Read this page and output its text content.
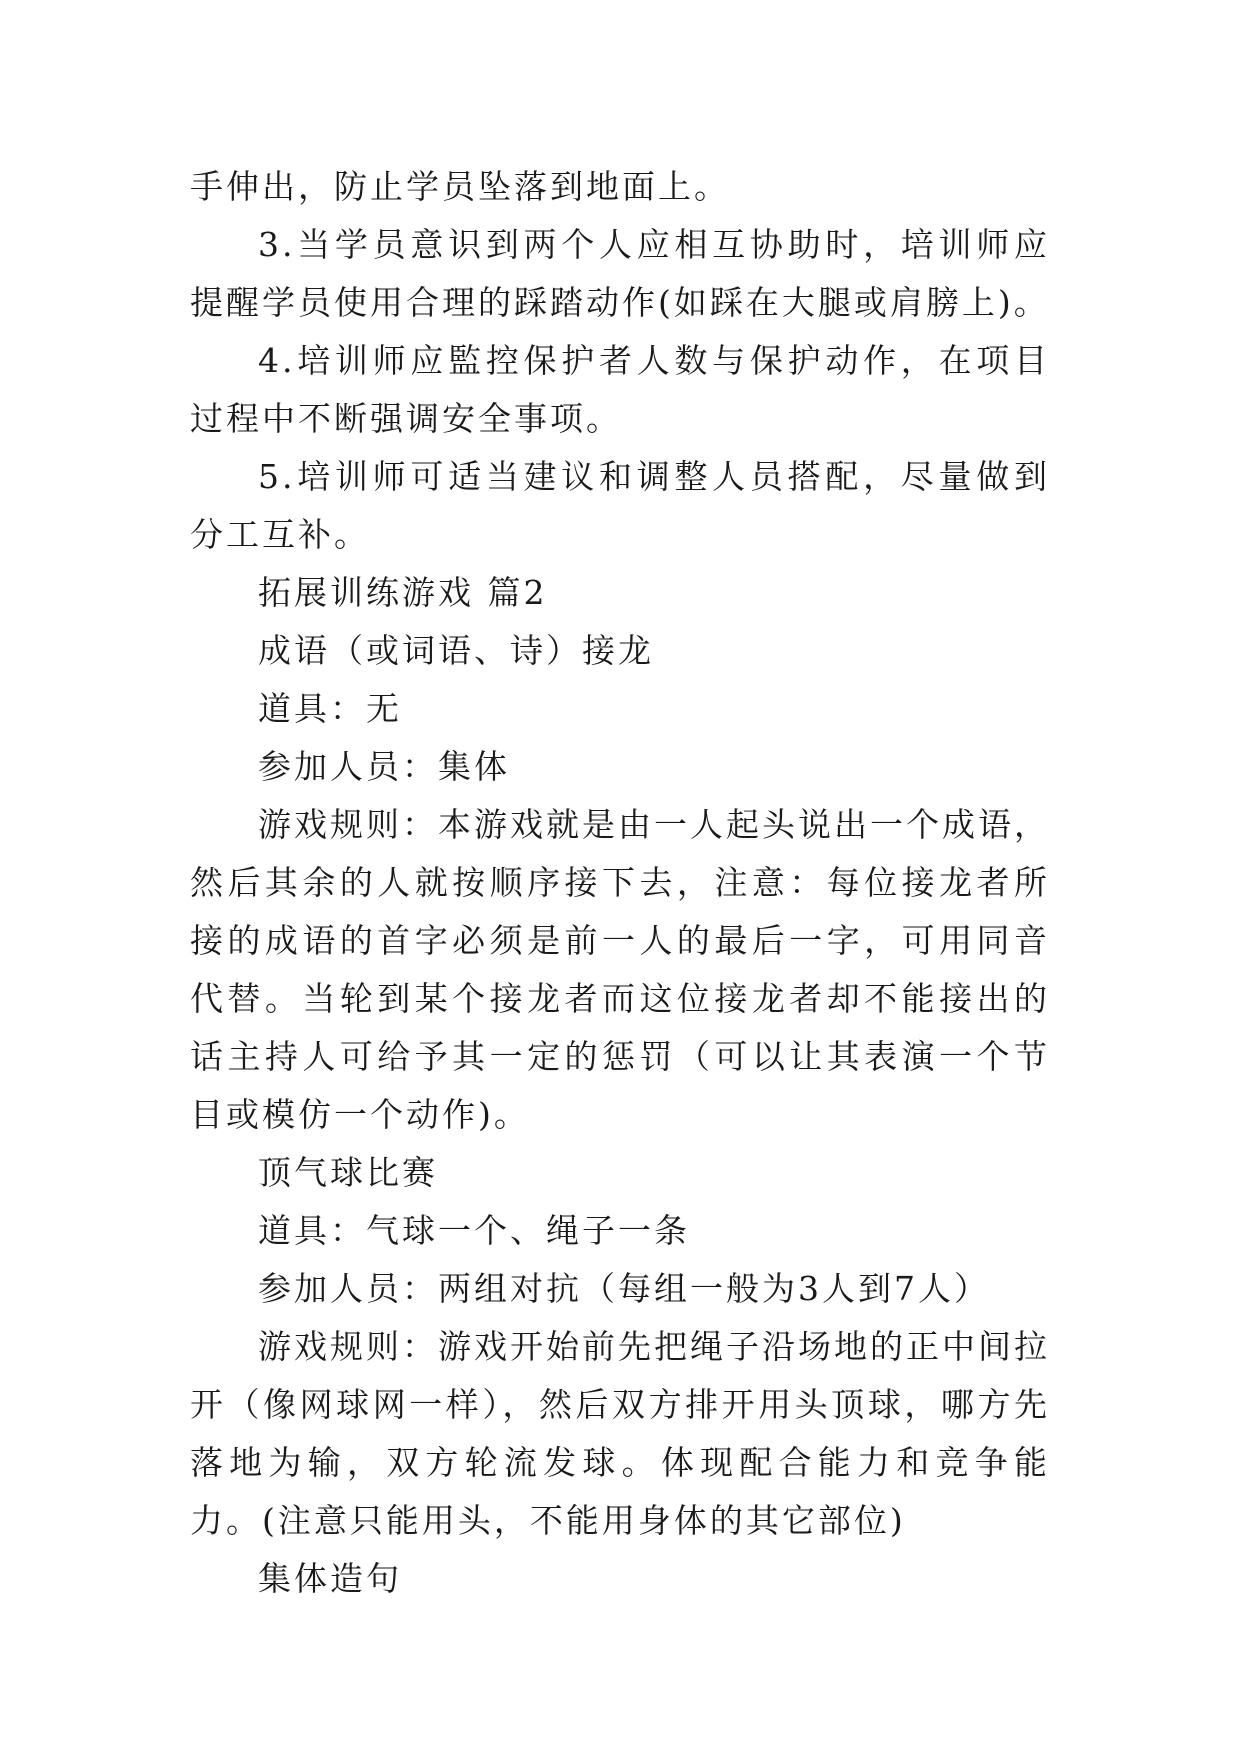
手伸出，防止学员坠落到地面上。

3.当学员意识到两个人应相互协助时，培训师应提醒学员使用合理的踩踏动作(如踩在大腿或肩膀上)。

4.培训师应監控保护者人数与保护动作，在项目过程中不断强调安全事项。

5.培训师可适当建议和调整人员搭配，尽量做到分工互补。

拓展训练游戏 篇2

成语（或词语、诗）接龙

道具：无

参加人员：集体

游戏规则：本游戏就是由一人起头说出一个成语，然后其余的人就按顺序接下去，注意：每位接龙者所接的成语的首字必须是前一人的最后一字，可用同音代替。当轮到某个接龙者而这位接龙者却不能接出的话主持人可给予其一定的惩罚（可以让其表演一个节目或模仿一个动作)。

顶气球比赛

道具：气球一个、绳子一条

参加人员：两组对抗（每组一般为3人到7人）

游戏规则：游戏开始前先把绳子沿场地的正中间拉开（像网球网一样），然后双方排开用头顶球，哪方先落地为输，双方轮流发球。体现配合能力和竞争能力。(注意只能用头，不能用身体的其它部位)

集体造句
